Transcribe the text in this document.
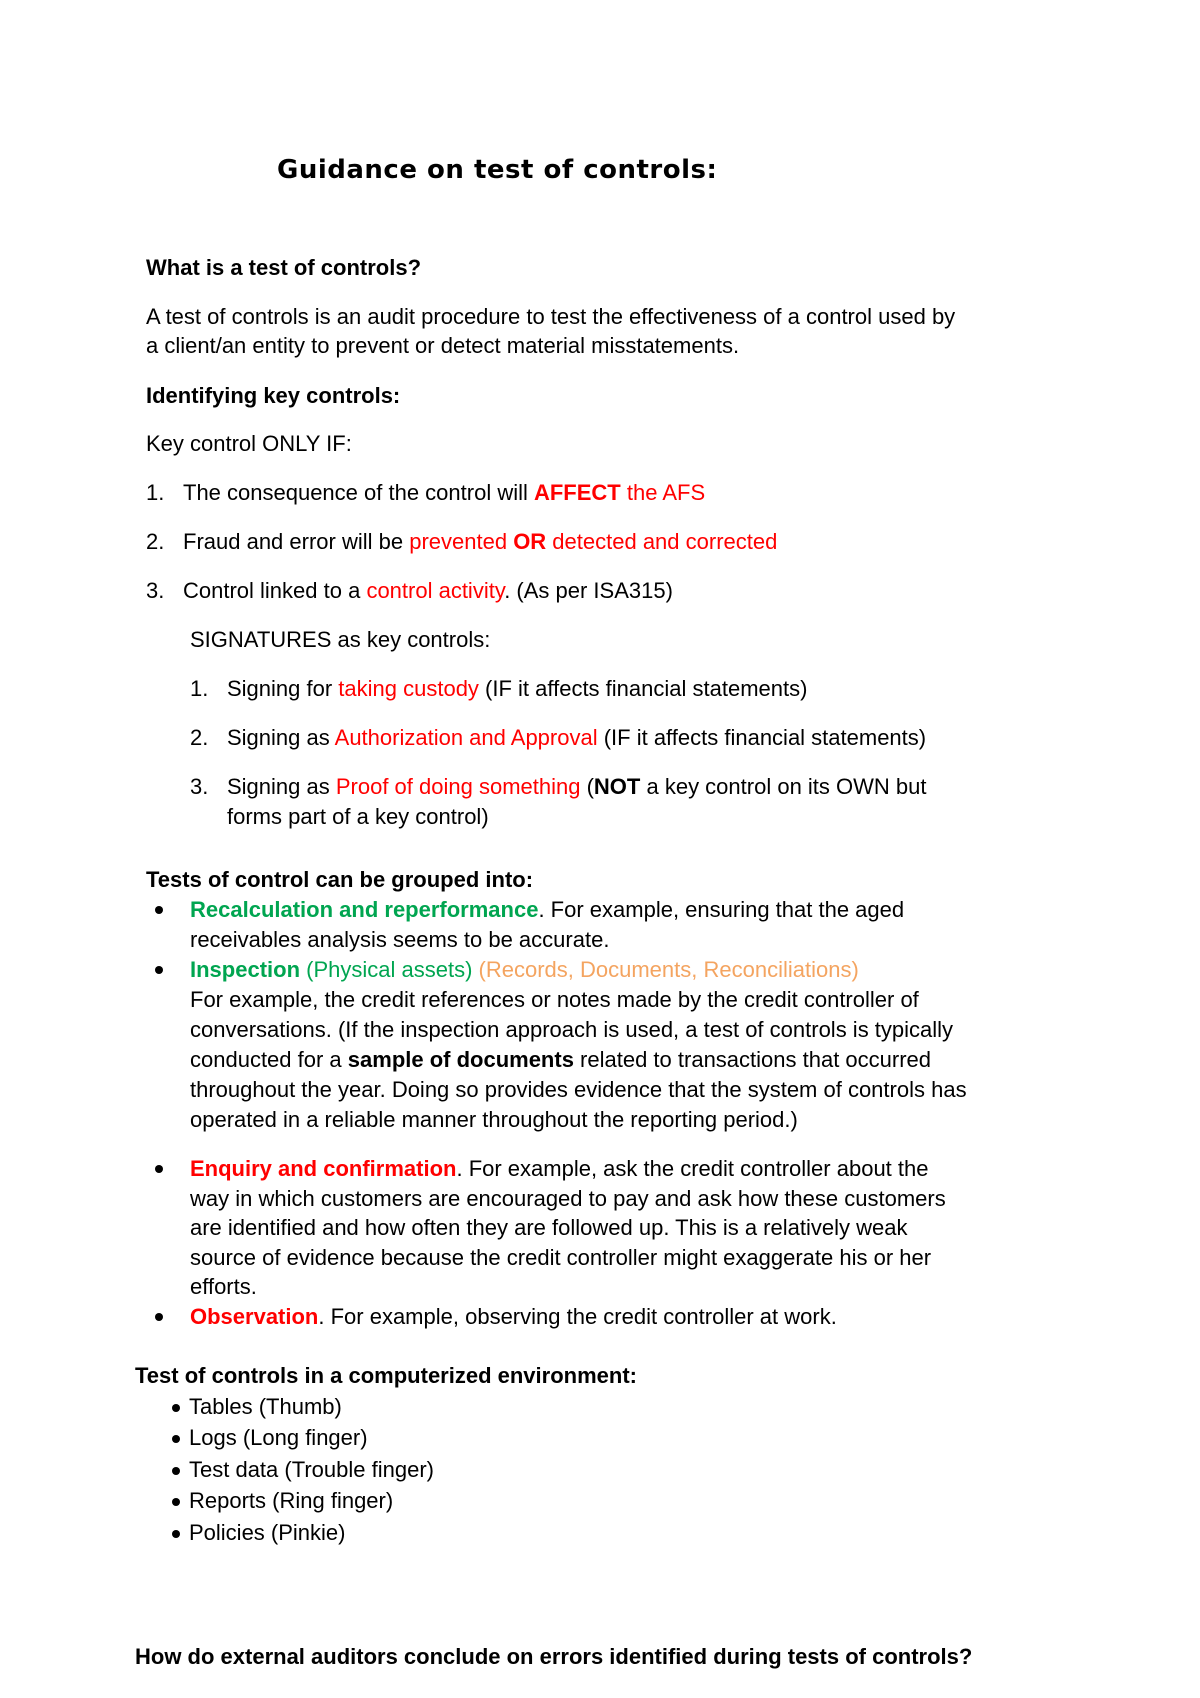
Guidance on test of controls:
What is a test of controls?
A test of controls is an audit procedure to test the effectiveness of a control used by
a client/an entity to prevent or detect material misstatements.
Identifying key controls:
Key control ONLY IF:
1. The consequence of the control will AFFECT the AFS
2. Fraud and error will be prevented OR detected and corrected
3. Control linked to a control activity. (As per ISA315)
SIGNATURES as key controls:
1. Signing for taking custody (IF it affects financial statements)
2. Signing as Authorization and Approval (IF it affects financial statements)
3. Signing as Proof of doing something (NOT a key control on its OWN but
forms part of a key control)
Tests of control can be grouped into:
Recalculation and reperformance. For example, ensuring that the aged
receivables analysis seems to be accurate.
Inspection (Physical assets) (Records, Documents, Reconciliations)
For example, the credit references or notes made by the credit controller of
conversations. (If the inspection approach is used, a test of controls is typically
conducted for a sample of documents related to transactions that occurred
throughout the year. Doing so provides evidence that the system of controls has
operated in a reliable manner throughout the reporting period.)
Enquiry and confirmation. For example, ask the credit controller about the
way in which customers are encouraged to pay and ask how these customers
are identified and how often they are followed up. This is a relatively weak
source of evidence because the credit controller might exaggerate his or her
efforts.
Observation. For example, observing the credit controller at work.
Test of controls in a computerized environment:
Tables (Thumb)
Logs (Long finger)
Test data (Trouble finger)
Reports (Ring finger)
Policies (Pinkie)
How do external auditors conclude on errors identified during tests of controls?
